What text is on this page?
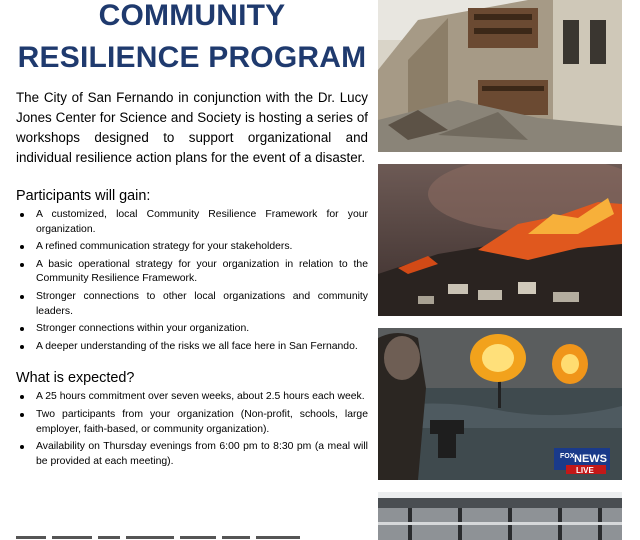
COMMUNITY
RESILIENCE PROGRAM

The City of San Fernando in conjunction with the Dr. Lucy Jones Center for Science and Society is hosting a series of workshops designed to support organizational and individual resilience action plans for the event of a disaster.

Participants will gain:
A customized, local Community Resilience Framework for your organization.
A refined communication strategy for your stakeholders.
A basic operational strategy for your organization in relation to the Community Resilience Framework.
Stronger connections to other local organizations and community leaders.
Stronger connections within your organization.
A deeper understanding of the risks we all face here in San Fernando.
What is expected?
A 25 hours commitment over seven weeks, about 2.5 hours each week.
Two participants from your organization (Non-profit, schools, large employer, faith-based, or community organization).
Availability on Thursday evenings from 6:00 pm to 8:30 pm (a meal will be provided at each meeting).	FOX NEWS
LIVE
